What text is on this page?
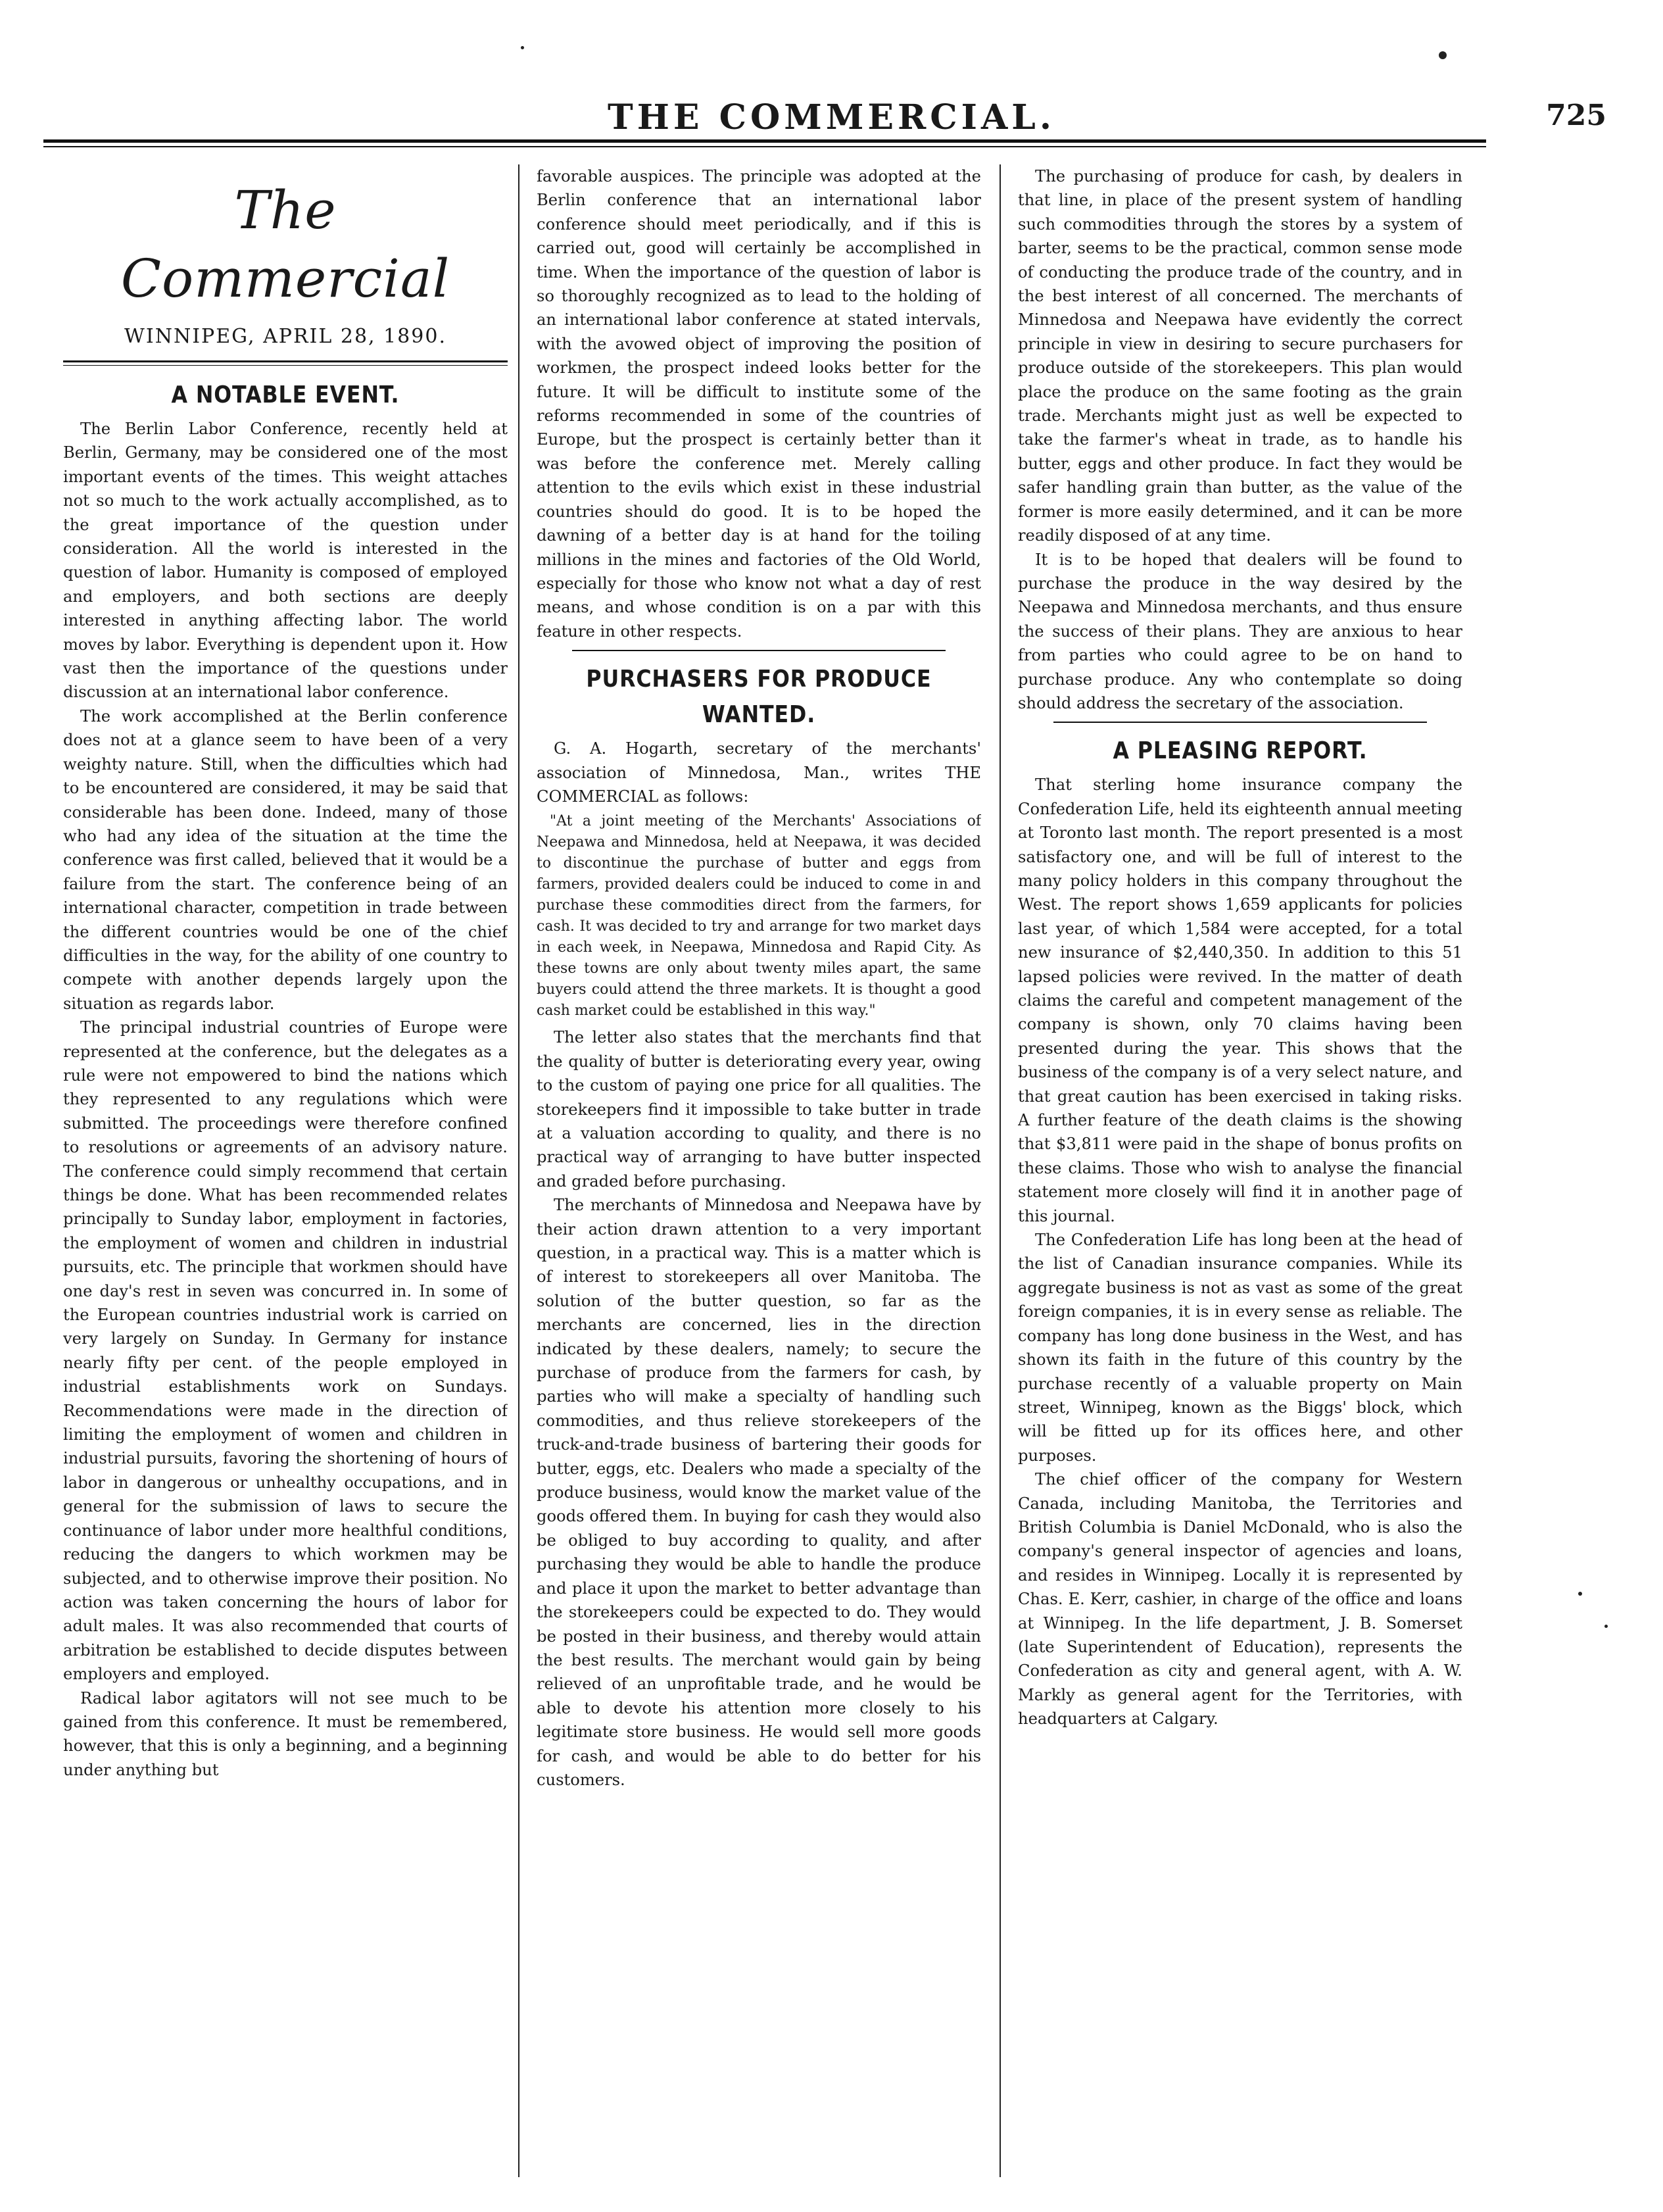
THE COMMERCIAL.	725
The Commercial
WINNIPEG, APRIL 28, 1890.
A NOTABLE EVENT.

The Berlin Labor Conference, recently held at Berlin, Germany, may be considered one of the most important events of the times. This weight attaches not so much to the work actually accomplished, as to the great importance of the question under consideration. All the world is interested in the question of labor. Humanity is composed of employed and employers, and both sections are deeply interested in anything affecting labor. The world moves by labor. Everything is dependent upon it. How vast then the importance of the questions under discussion at an international labor conference.

The work accomplished at the Berlin conference does not at a glance seem to have been of a very weighty nature. Still, when the difficulties which had to be encountered are considered, it may be said that considerable has been done. Indeed, many of those who had any idea of the situation at the time the conference was first called, believed that it would be a failure from the start. The conference being of an international character, competition in trade between the different countries would be one of the chief difficulties in the way, for the ability of one country to compete with another depends largely upon the situation as regards labor.

The principal industrial countries of Europe were represented at the conference, but the delegates as a rule were not empowered to bind the nations which they represented to any regulations which were submitted. The proceedings were therefore confined to resolutions or agreements of an advisory nature. The conference could simply recommend that certain things be done. What has been recommended relates principally to Sunday labor, employment in factories, the employment of women and children in industrial pursuits, etc. The principle that workmen should have one day's rest in seven was concurred in. In some of the European countries industrial work is carried on very largely on Sunday. In Germany for instance nearly fifty per cent. of the people employed in industrial establishments work on Sundays. Recommendations were made in the direction of limiting the employment of women and children in industrial pursuits, favoring the shortening of hours of labor in dangerous or unhealthy occupations, and in general for the submission of laws to secure the continuance of labor under more healthful conditions, reducing the dangers to which workmen may be subjected, and to otherwise improve their position. No action was taken concerning the hours of labor for adult males. It was also recommended that courts of arbitration be established to decide disputes between employers and employed.

Radical labor agitators will not see much to be gained from this conference. It must be remembered, however, that this is only a beginning, and a beginning under anything but

favorable auspices. The principle was adopted at the Berlin conference that an international labor conference should meet periodically, and if this is carried out, good will certainly be accomplished in time. When the importance of the question of labor is so thoroughly recognized as to lead to the holding of an international labor conference at stated intervals, with the avowed object of improving the position of workmen, the prospect indeed looks better for the future. It will be difficult to institute some of the reforms recommended in some of the countries of Europe, but the prospect is certainly better than it was before the conference met. Merely calling attention to the evils which exist in these industrial countries should do good. It is to be hoped the dawning of a better day is at hand for the toiling millions in the mines and factories of the Old World, especially for those who know not what a day of rest means, and whose condition is on a par with this feature in other respects.

PURCHASERS FOR PRODUCE WANTED.

G. A. Hogarth, secretary of the merchants' association of Minnedosa, Man., writes THE COMMERCIAL as follows:

"At a joint meeting of the Merchants' Associations of Neepawa and Minnedosa, held at Neepawa, it was decided to discontinue the purchase of butter and eggs from farmers, provided dealers could be induced to come in and purchase these commodities direct from the farmers, for cash. It was decided to try and arrange for two market days in each week, in Neepawa, Minnedosa and Rapid City. As these towns are only about twenty miles apart, the same buyers could attend the three markets. It is thought a good cash market could be established in this way."

The letter also states that the merchants find that the quality of butter is deteriorating every year, owing to the custom of paying one price for all qualities. The storekeepers find it impossible to take butter in trade at a valuation according to quality, and there is no practical way of arranging to have butter inspected and graded before purchasing.

The merchants of Minnedosa and Neepawa have by their action drawn attention to a very important question, in a practical way. This is a matter which is of interest to storekeepers all over Manitoba. The solution of the butter question, so far as the merchants are concerned, lies in the direction indicated by these dealers, namely; to secure the purchase of produce from the farmers for cash, by parties who will make a specialty of handling such commodities, and thus relieve storekeepers of the truck-and-trade business of bartering their goods for butter, eggs, etc. Dealers who made a specialty of the produce business, would know the market value of the goods offered them. In buying for cash they would also be obliged to buy according to quality, and after purchasing they would be able to handle the produce and place it upon the market to better advantage than the storekeepers could be expected to do. They would be posted in their business, and thereby would attain the best results. The merchant would gain by being relieved of an unprofitable trade, and he would be able to devote his attention more closely to his legitimate store business. He would sell more goods for cash, and would be able to do better for his customers.

The purchasing of produce for cash, by dealers in that line, in place of the present system of handling such commodities through the stores by a system of barter, seems to be the practical, common sense mode of conducting the produce trade of the country, and in the best interest of all concerned. The merchants of Minnedosa and Neepawa have evidently the correct principle in view in desiring to secure purchasers for produce outside of the storekeepers. This plan would place the produce on the same footing as the grain trade. Merchants might just as well be expected to take the farmer's wheat in trade, as to handle his butter, eggs and other produce. In fact they would be safer handling grain than butter, as the value of the former is more easily determined, and it can be more readily disposed of at any time.

It is to be hoped that dealers will be found to purchase the produce in the way desired by the Neepawa and Minnedosa merchants, and thus ensure the success of their plans. They are anxious to hear from parties who could agree to be on hand to purchase produce. Any who contemplate so doing should address the secretary of the association.

A PLEASING REPORT.

That sterling home insurance company the Confederation Life, held its eighteenth annual meeting at Toronto last month. The report presented is a most satisfactory one, and will be full of interest to the many policy holders in this company throughout the West. The report shows 1,659 applicants for policies last year, of which 1,584 were accepted, for a total new insurance of $2,440,350. In addition to this 51 lapsed policies were revived. In the matter of death claims the careful and competent management of the company is shown, only 70 claims having been presented during the year. This shows that the business of the company is of a very select nature, and that great caution has been exercised in taking risks. A further feature of the death claims is the showing that $3,811 were paid in the shape of bonus profits on these claims. Those who wish to analyse the financial statement more closely will find it in another page of this journal.

The Confederation Life has long been at the head of the list of Canadian insurance companies. While its aggregate business is not as vast as some of the great foreign companies, it is in every sense as reliable. The company has long done business in the West, and has shown its faith in the future of this country by the purchase recently of a valuable property on Main street, Winnipeg, known as the Biggs' block, which will be fitted up for its offices here, and other purposes.

The chief officer of the company for Western Canada, including Manitoba, the Territories and British Columbia is Daniel McDonald, who is also the company's general inspector of agencies and loans, and resides in Winnipeg. Locally it is represented by Chas. E. Kerr, cashier, in charge of the office and loans at Winnipeg. In the life department, J. B. Somerset (late Superintendent of Education), represents the Confederation as city and general agent, with A. W. Markly as general agent for the Territories, with headquarters at Calgary.
